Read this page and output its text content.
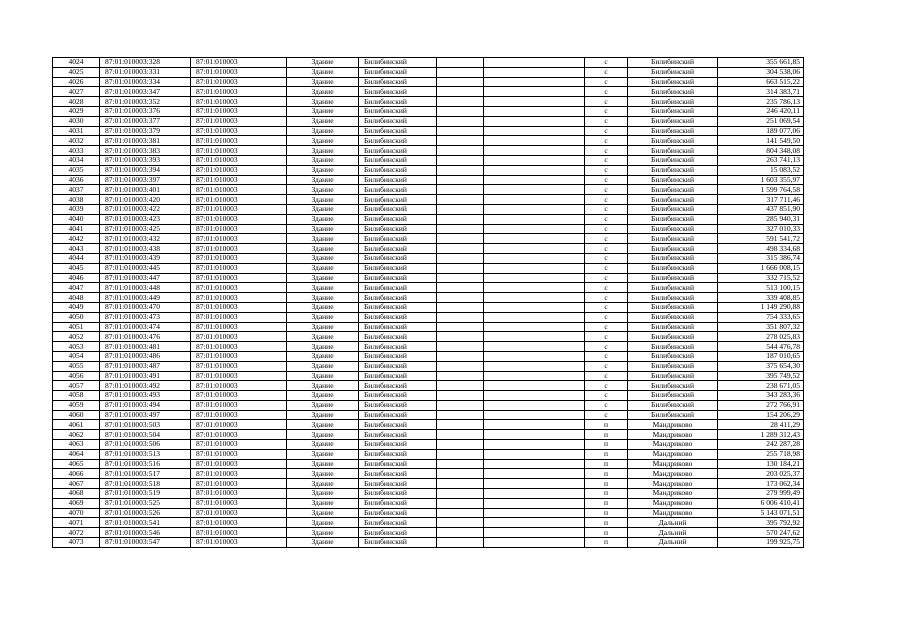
4024	87:01:010003:328	87:01:010003	Здание	Билибинский			с	Билибинский	355 661,85
4025	87:01:010003:331	87:01:010003	Здание	Билибинский			с	Билибинский	304 538,06
4026	87:01:010003:334	87:01:010003	Здание	Билибинский			с	Билибинский	663 515,22
4027	87:01:010003:347	87:01:010003	Здание	Билибинский			с	Билибинский	314 383,71
4028	87:01:010003:352	87:01:010003	Здание	Билибинский			с	Билибинский	235 786,13
4029	87:01:010003:376	87:01:010003	Здание	Билибинский			с	Билибинский	246 420,11
4030	87:01:010003:377	87:01:010003	Здание	Билибинский			с	Билибинский	251 069,54
4031	87:01:010003:379	87:01:010003	Здание	Билибинский			с	Билибинский	189 077,06
4032	87:01:010003:381	87:01:010003	Здание	Билибинский			с	Билибинский	141 549,50
4033	87:01:010003:383	87:01:010003	Здание	Билибинский			с	Билибинский	804 348,08
4034	87:01:010003:393	87:01:010003	Здание	Билибинский			с	Билибинский	263 741,13
4035	87:01:010003:394	87:01:010003	Здание	Билибинский			с	Билибинский	15 083,52
4036	87:01:010003:397	87:01:010003	Здание	Билибинский			с	Билибинский	1 603 355,97
4037	87:01:010003:401	87:01:010003	Здание	Билибинский			с	Билибинский	1 599 764,58
4038	87:01:010003:420	87:01:010003	Здание	Билибинский			с	Билибинский	317 711,46
4039	87:01:010003:422	87:01:010003	Здание	Билибинский			с	Билибинский	437 851,90
4040	87:01:010003:423	87:01:010003	Здание	Билибинский			с	Билибинский	285 940,31
4041	87:01:010003:425	87:01:010003	Здание	Билибинский			с	Билибинский	327 010,33
4042	87:01:010003:432	87:01:010003	Здание	Билибинский			с	Билибинский	591 541,72
4043	87:01:010003:438	87:01:010003	Здание	Билибинский			с	Билибинский	498 334,68
4044	87:01:010003:439	87:01:010003	Здание	Билибинский			с	Билибинский	315 386,74
4045	87:01:010003:445	87:01:010003	Здание	Билибинский			с	Билибинский	1 666 008,15
4046	87:01:010003:447	87:01:010003	Здание	Билибинский			с	Билибинский	332 715,52
4047	87:01:010003:448	87:01:010003	Здание	Билибинский			с	Билибинский	513 100,15
4048	87:01:010003:449	87:01:010003	Здание	Билибинский			с	Билибинский	339 408,85
4049	87:01:010003:470	87:01:010003	Здание	Билибинский			с	Билибинский	1 149 290,88
4050	87:01:010003:473	87:01:010003	Здание	Билибинский			с	Билибинский	754 333,65
4051	87:01:010003:474	87:01:010003	Здание	Билибинский			с	Билибинский	351 807,32
4052	87:01:010003:476	87:01:010003	Здание	Билибинский			с	Билибинский	278 025,83
4053	87:01:010003:481	87:01:010003	Здание	Билибинский			с	Билибинский	544 476,78
4054	87:01:010003:486	87:01:010003	Здание	Билибинский			с	Билибинский	187 010,65
4055	87:01:010003:487	87:01:010003	Здание	Билибинский			с	Билибинский	375 654,30
4056	87:01:010003:491	87:01:010003	Здание	Билибинский			с	Билибинский	395 749,52
4057	87:01:010003:492	87:01:010003	Здание	Билибинский			с	Билибинский	238 671,05
4058	87:01:010003:493	87:01:010003	Здание	Билибинский			с	Билибинский	343 283,36
4059	87:01:010003:494	87:01:010003	Здание	Билибинский			с	Билибинский	272 766,91
4060	87:01:010003:497	87:01:010003	Здание	Билибинский			с	Билибинский	154 206,29
4061	87:01:010003:503	87:01:010003	Здание	Билибинский			п	Мандриково	28 411,29
4062	87:01:010003:504	87:01:010003	Здание	Билибинский			п	Мандриково	1 289 312,43
4063	87:01:010003:506	87:01:010003	Здание	Билибинский			п	Мандриково	242 287,28
4064	87:01:010003:513	87:01:010003	Здание	Билибинский			п	Мандриково	255 718,98
4065	87:01:010003:516	87:01:010003	Здание	Билибинский			п	Мандриково	130 184,21
4066	87:01:010003:517	87:01:010003	Здание	Билибинский			п	Мандриково	203 025,37
4067	87:01:010003:518	87:01:010003	Здание	Билибинский			п	Мандриково	173 062,34
4068	87:01:010003:519	87:01:010003	Здание	Билибинский			п	Мандриково	279 999,49
4069	87:01:010003:525	87:01:010003	Здание	Билибинский			п	Мандриково	6 006 410,41
4070	87:01:010003:526	87:01:010003	Здание	Билибинский			п	Мандриково	5 143 071,51
4071	87:01:010003:541	87:01:010003	Здание	Билибинский			п	Дальний	395 792,92
4072	87:01:010003:546	87:01:010003	Здание	Билибинский			п	Дальний	570 247,62
4073	87:01:010003:547	87:01:010003	Здание	Билибинский			п	Дальний	199 925,75
